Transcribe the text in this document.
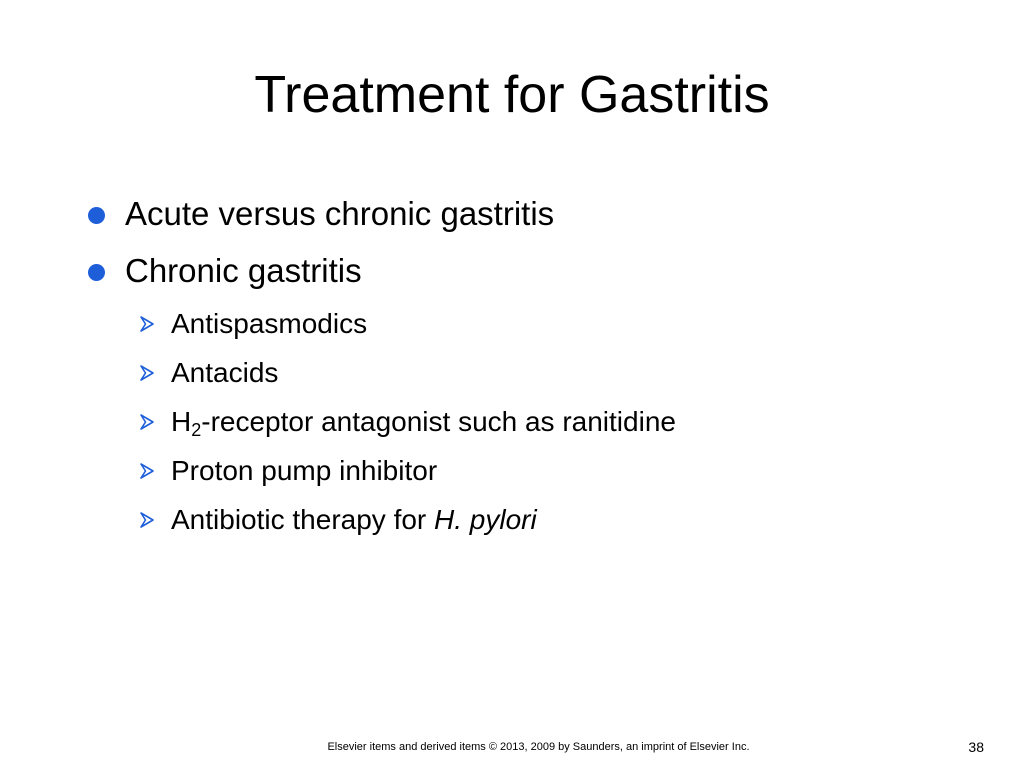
Treatment for Gastritis
Acute versus chronic gastritis
Chronic gastritis
Antispasmodics
Antacids
$H_2$-receptor antagonist such as ranitidine
Proton pump inhibitor
Antibiotic therapy for H. pylori
Elsevier items and derived items © 2013, 2009 by Saunders, an imprint of Elsevier Inc.	38
